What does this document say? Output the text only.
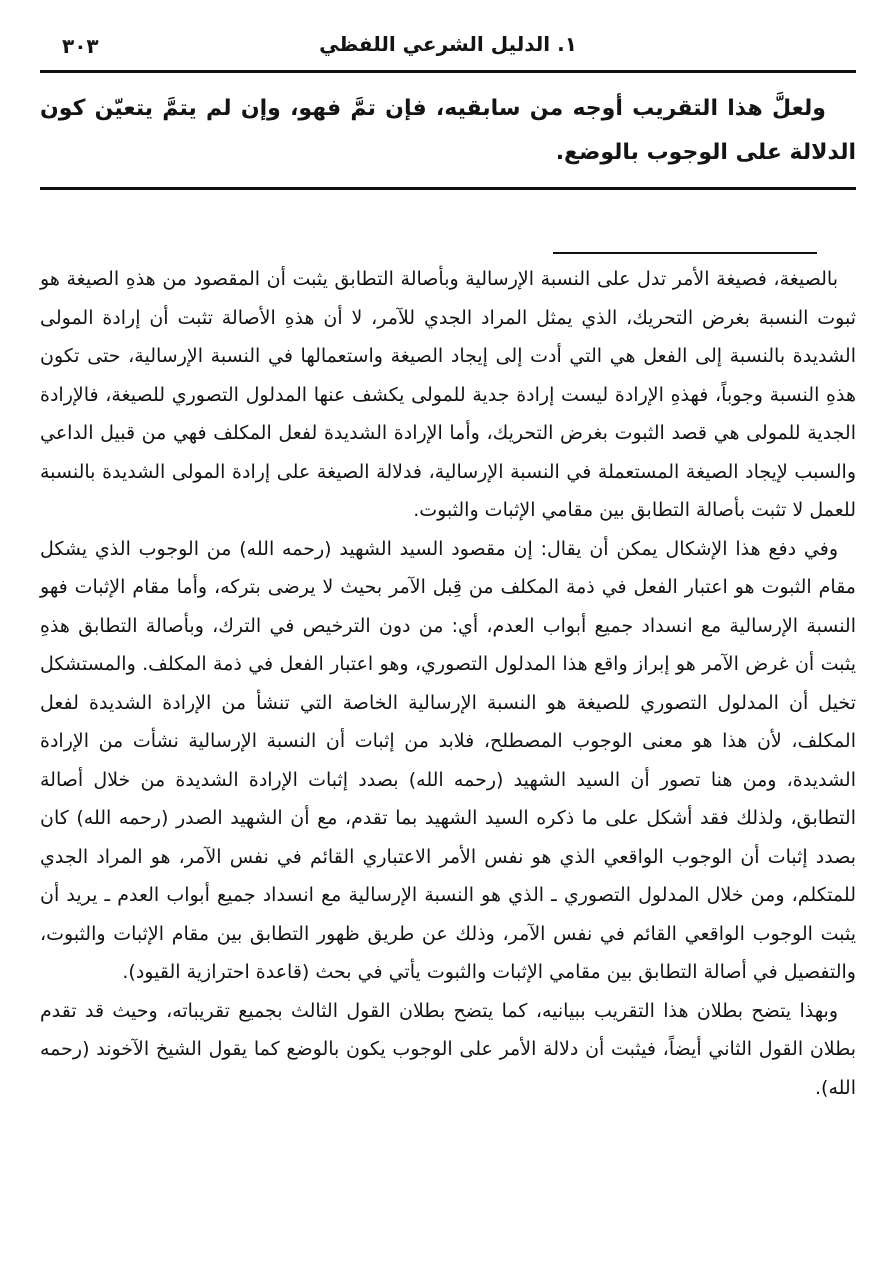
٣٠٣	١. الدليل الشرعي اللفظي

ولعلَّ هذا التقريب أوجه من سابقيه، فإن تمَّ فهو، وإن لم يتمَّ يتعيّن كون الدلالة على الوجوب بالوضع.

بالصيغة، فصيغة الأمر تدل على النسبة الإرسالية وبأصالة التطابق يثبت أن المقصود من هذهِ الصيغة هو ثبوت النسبة بغرض التحريك، الذي يمثل المراد الجدي للآمر، لا أن هذهِ الأصالة تثبت أن إرادة المولى الشديدة بالنسبة إلى الفعل هي التي أدت إلى إيجاد الصيغة واستعمالها في النسبة الإرسالية، حتى تكون هذهِ النسبة وجوباً، فهذهِ الإرادة ليست إرادة جدية للمولى يكشف عنها المدلول التصوري للصيغة، فالإرادة الجدية للمولى هي قصد الثبوت بغرض التحريك، وأما الإرادة الشديدة لفعل المكلف فهي من قبيل الداعي والسبب لإيجاد الصيغة المستعملة في النسبة الإرسالية، فدلالة الصيغة على إرادة المولى الشديدة بالنسبة للعمل لا تثبت بأصالة التطابق بين مقامي الإثبات والثبوت.

وفي دفع هذا الإشكال يمكن أن يقال: إن مقصود السيد الشهيد (رحمه الله) من الوجوب الذي يشكل مقام الثبوت هو اعتبار الفعل في ذمة المكلف من قِبل الآمر بحيث لا يرضى بتركه، وأما مقام الإثبات فهو النسبة الإرسالية مع انسداد جميع أبواب العدم، أي: من دون الترخيص في الترك، وبأصالة التطابق هذهِ يثبت أن غرض الآمر هو إبراز واقع هذا المدلول التصوري، وهو اعتبار الفعل في ذمة المكلف. والمستشكل تخيل أن المدلول التصوري للصيغة هو النسبة الإرسالية الخاصة التي تنشأ من الإرادة الشديدة لفعل المكلف، لأن هذا هو معنى الوجوب المصطلح، فلابد من إثبات أن النسبة الإرسالية نشأت من الإرادة الشديدة، ومن هنا تصور أن السيد الشهيد (رحمه الله) بصدد إثبات الإرادة الشديدة من خلال أصالة التطابق، ولذلك فقد أشكل على ما ذكره السيد الشهيد بما تقدم، مع أن الشهيد الصدر (رحمه الله) كان بصدد إثبات أن الوجوب الواقعي الذي هو نفس الأمر الاعتباري القائم في نفس الآمر، هو المراد الجدي للمتكلم، ومن خلال المدلول التصوري ـ الذي هو النسبة الإرسالية مع انسداد جميع أبواب العدم ـ يريد أن يثبت الوجوب الواقعي القائم في نفس الآمر، وذلك عن طريق ظهور التطابق بين مقام الإثبات والثبوت، والتفصيل في أصالة التطابق بين مقامي الإثبات والثبوت يأتي في بحث (قاعدة احترازية القيود).

وبهذا يتضح بطلان هذا التقريب ببيانيه، كما يتضح بطلان القول الثالث بجميع تقريباته، وحيث قد تقدم بطلان القول الثاني أيضاً، فيثبت أن دلالة الأمر على الوجوب يكون بالوضع كما يقول الشيخ الآخوند (رحمه الله).
